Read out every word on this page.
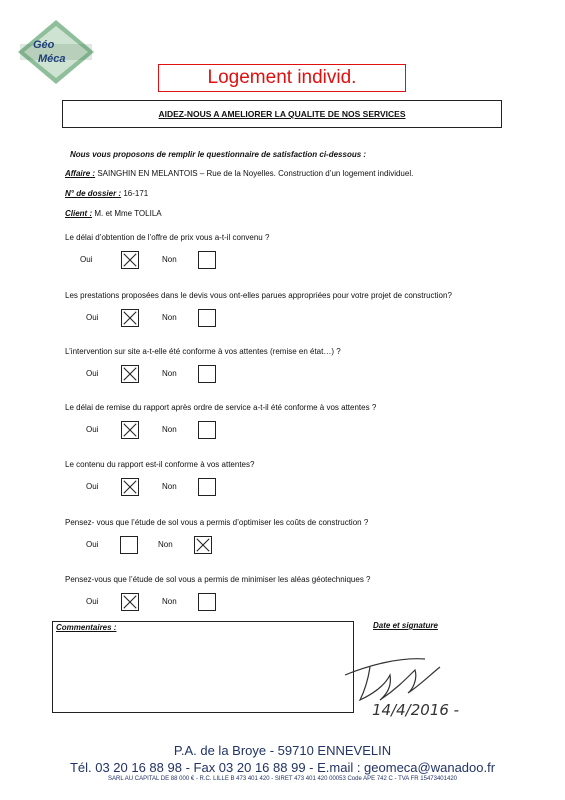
Géo
Méca
Logement individ.
AIDEZ-NOUS A AMELIORER LA QUALITE DE NOS SERVICES
Nous vous proposons de remplir le questionnaire de satisfaction ci-dessous :
Affaire : SAINGHIN EN MELANTOIS – Rue de la Noyelles. Construction d’un logement individuel.
N° de dossier : 16-171
Client : M. et Mme TOLILA
Le délai d’obtention de l’offre de prix vous a-t-il convenu ?
Oui	Non
Les prestations proposées dans le devis vous ont-elles parues appropriées pour votre projet de construction?
Oui	Non
L’intervention sur site a-t-elle été conforme à vos attentes (remise en état…) ?
Oui	Non
Le délai de remise du rapport après ordre de service a-t-il été conforme à vos attentes ?
Oui	Non
Le contenu du rapport est-il conforme à vos attentes?
Oui	Non
Pensez- vous que l’étude de sol vous a permis d’optimiser les coûts de construction ?
Oui	Non
Pensez-vous que l’étude de sol vous a permis de minimiser les aléas géotechniques ?
Oui	Non
Commentaires :	Date et signature
14/4/2016 -
P.A. de la Broye - 59710 ENNEVELIN
Tél. 03 20 16 88 98 - Fax 03 20 16 88 99 - E.mail : geomeca@wanadoo.fr
SARL AU CAPITAL DE 88 000 € - R.C. LILLE B 473 401 420 - SIRET 473 401 420 00053 Code APE 742 C - TVA FR 15473401420
